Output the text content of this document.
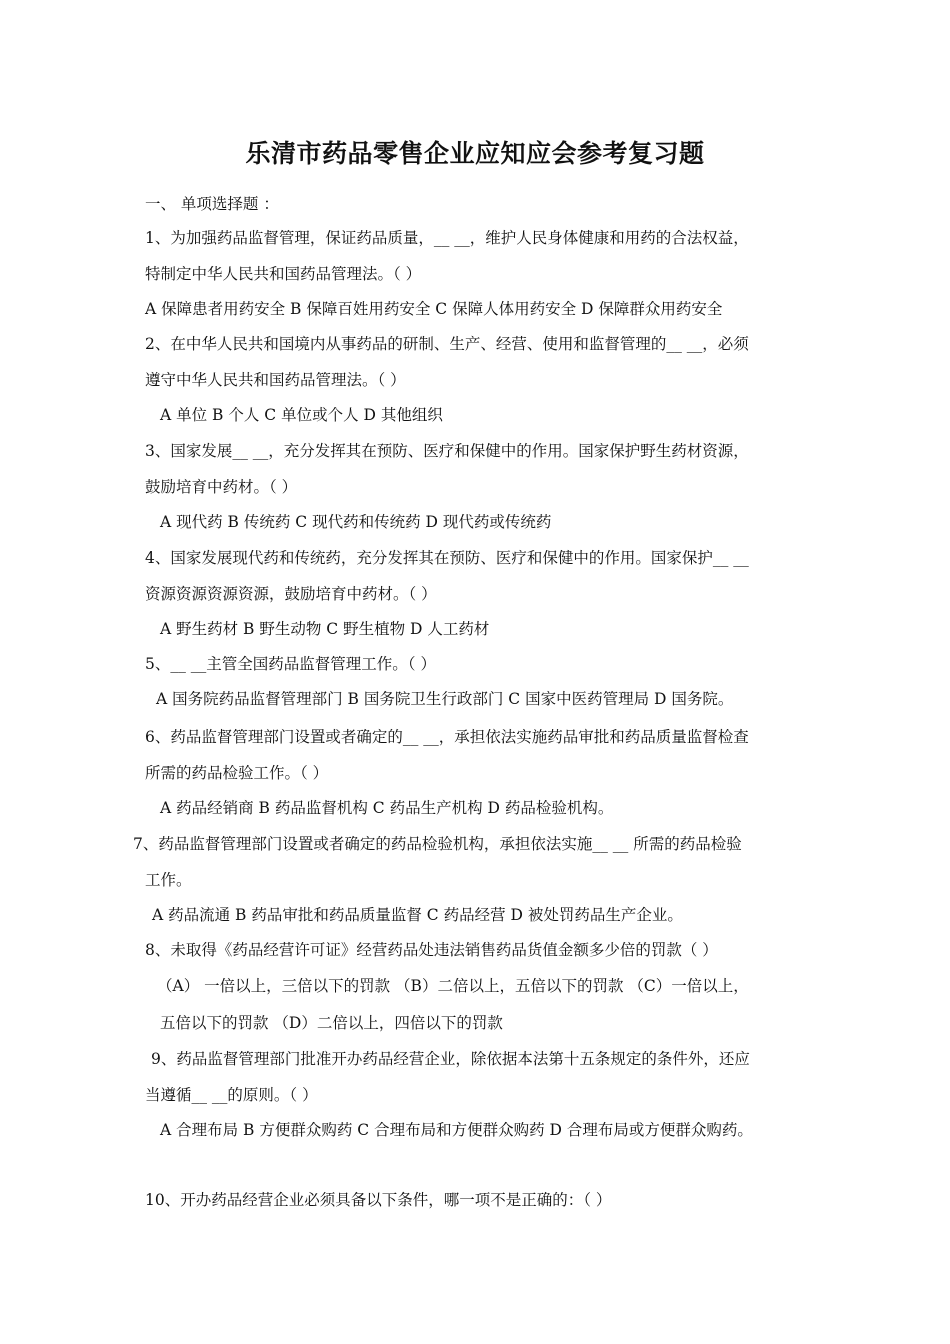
乐清市药品零售企业应知应会参考复习题
一、 单项选择题 ：
1、为加强药品监督管理，保证药品质量，__ __，维护人民身体健康和用药的合法权益，
特制定中华人民共和国药品管理法。（ ）
A 保障患者用药安全 B 保障百姓用药安全 C 保障人体用药安全 D 保障群众用药安全
2、在中华人民共和国境内从事药品的研制、生产、经营、使用和监督管理的__ __，必须
遵守中华人民共和国药品管理法。（ ）
A 单位 B 个人 C 单位或个人 D 其他组织
3、国家发展__ __，充分发挥其在预防、医疗和保健中的作用。国家保护野生药材资源，
鼓励培育中药材。（ ）
A 现代药 B 传统药 C 现代药和传统药 D 现代药或传统药
4、国家发展现代药和传统药，充分发挥其在预防、医疗和保健中的作用。国家保护__ __
资源资源资源资源，鼓励培育中药材。（ ）
A 野生药材 B 野生动物 C 野生植物 D 人工药材
5、__ __主管全国药品监督管理工作。（ ）
A 国务院药品监督管理部门 B 国务院卫生行政部门 C 国家中医药管理局 D 国务院。
6、药品监督管理部门设置或者确定的__ __，承担依法实施药品审批和药品质量监督检查
所需的药品检验工作。（ ）
A 药品经销商 B 药品监督机构 C 药品生产机构 D 药品检验机构。
7、药品监督管理部门设置或者确定的药品检验机构，承担依法实施__ __ 所需的药品检验
工作。
A 药品流通 B 药品审批和药品质量监督 C 药品经营 D 被处罚药品生产企业。
8、未取得《药品经营许可证》经营药品处违法销售药品货值金额多少倍的罚款（ ）
（A） 一倍以上，三倍以下的罚款 （B）二倍以上，五倍以下的罚款 （C）一倍以上，
五倍以下的罚款 （D）二倍以上，四倍以下的罚款
9、药品监督管理部门批准开办药品经营企业，除依据本法第十五条规定的条件外，还应
当遵循__ __的原则。（ ）
A 合理布局 B 方便群众购药 C 合理布局和方便群众购药 D 合理布局或方便群众购药。
10、开办药品经营企业必须具备以下条件，哪一项不是正确的：（ ）
